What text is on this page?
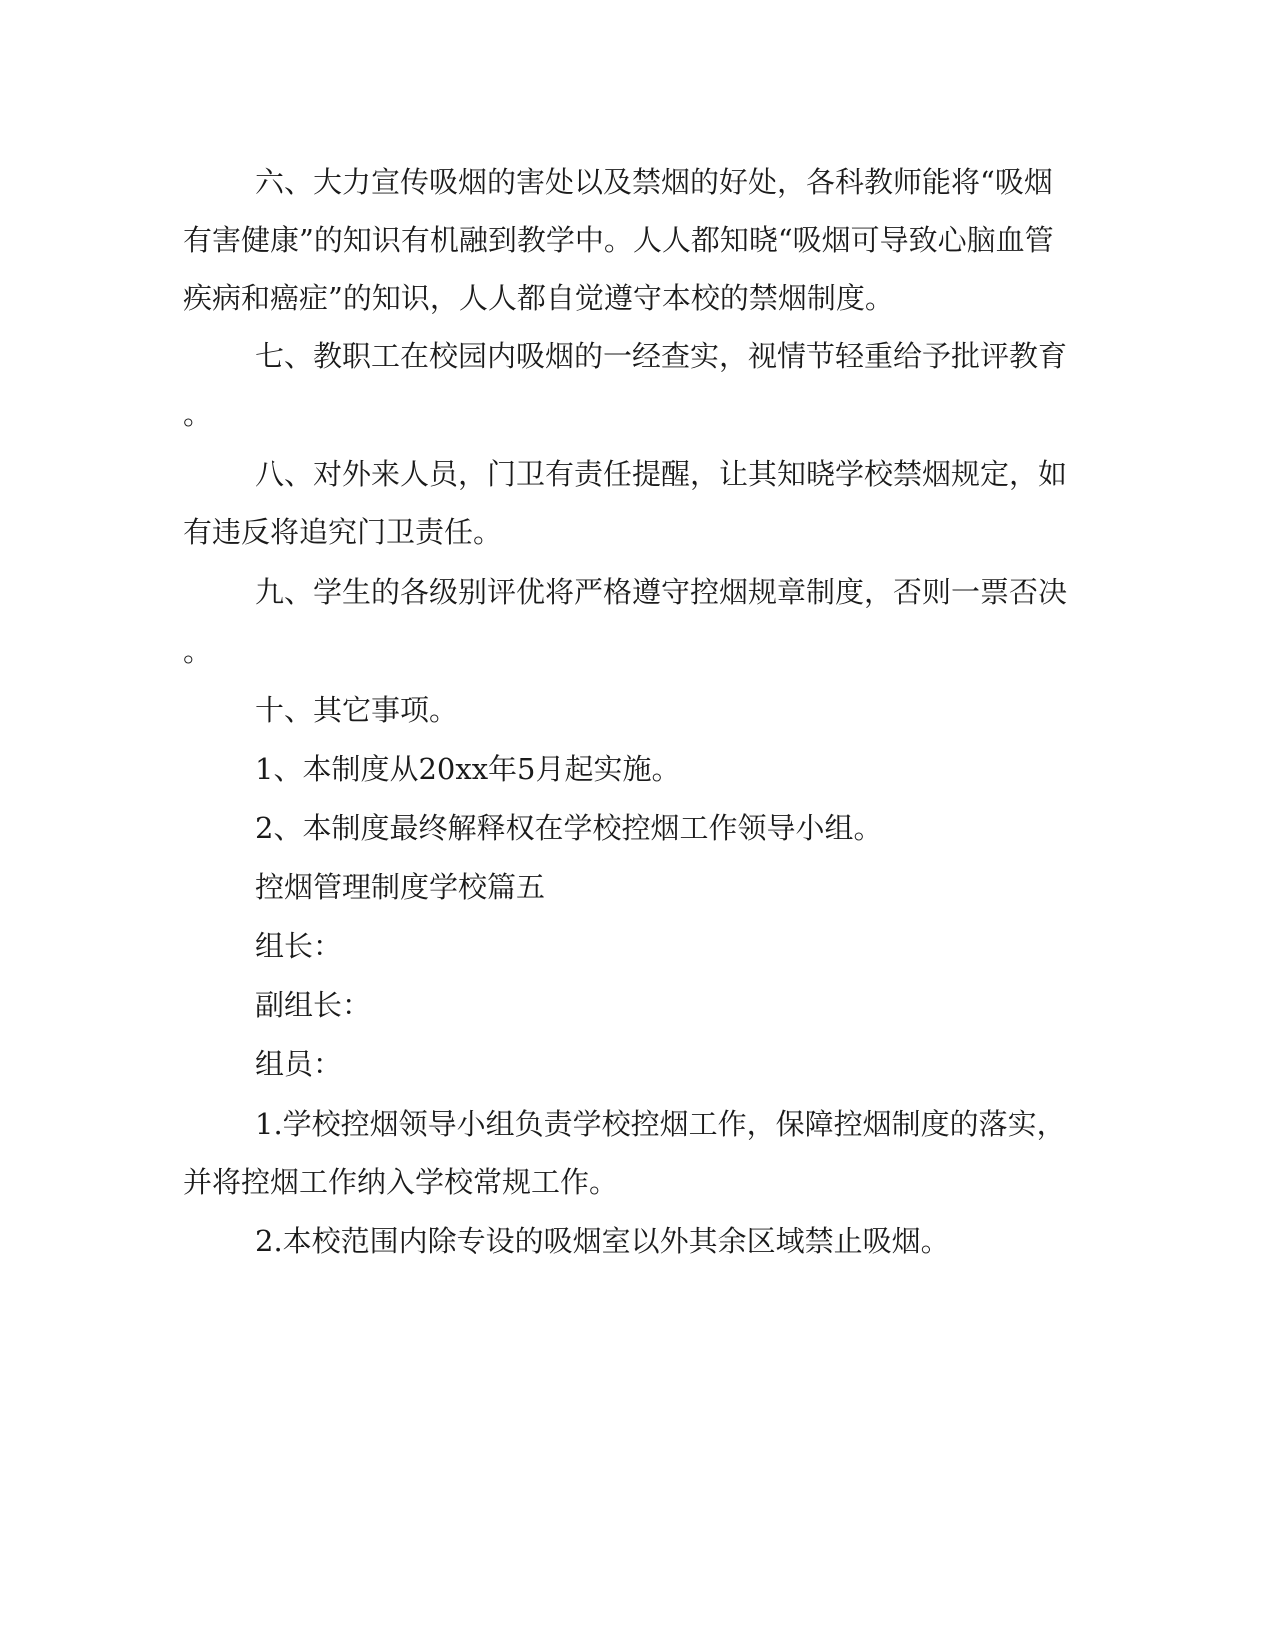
六、大力宣传吸烟的害处以及禁烟的好处，各科教师能将“吸烟
有害健康”的知识有机融到教学中。人人都知晓“吸烟可导致心脑血管
疾病和癌症”的知识，人人都自觉遵守本校的禁烟制度。
七、教职工在校园内吸烟的一经查实，视情节轻重给予批评教育
。
八、对外来人员，门卫有责任提醒，让其知晓学校禁烟规定，如
有违反将追究门卫责任。
九、学生的各级别评优将严格遵守控烟规章制度，否则一票否决
。
十、其它事项。
1、本制度从20xx年5月起实施。
2、本制度最终解释权在学校控烟工作领导小组。
控烟管理制度学校篇五
组长：
副组长：
组员：
1.学校控烟领导小组负责学校控烟工作，保障控烟制度的落实，
并将控烟工作纳入学校常规工作。
2.本校范围内除专设的吸烟室以外其余区域禁止吸烟。
